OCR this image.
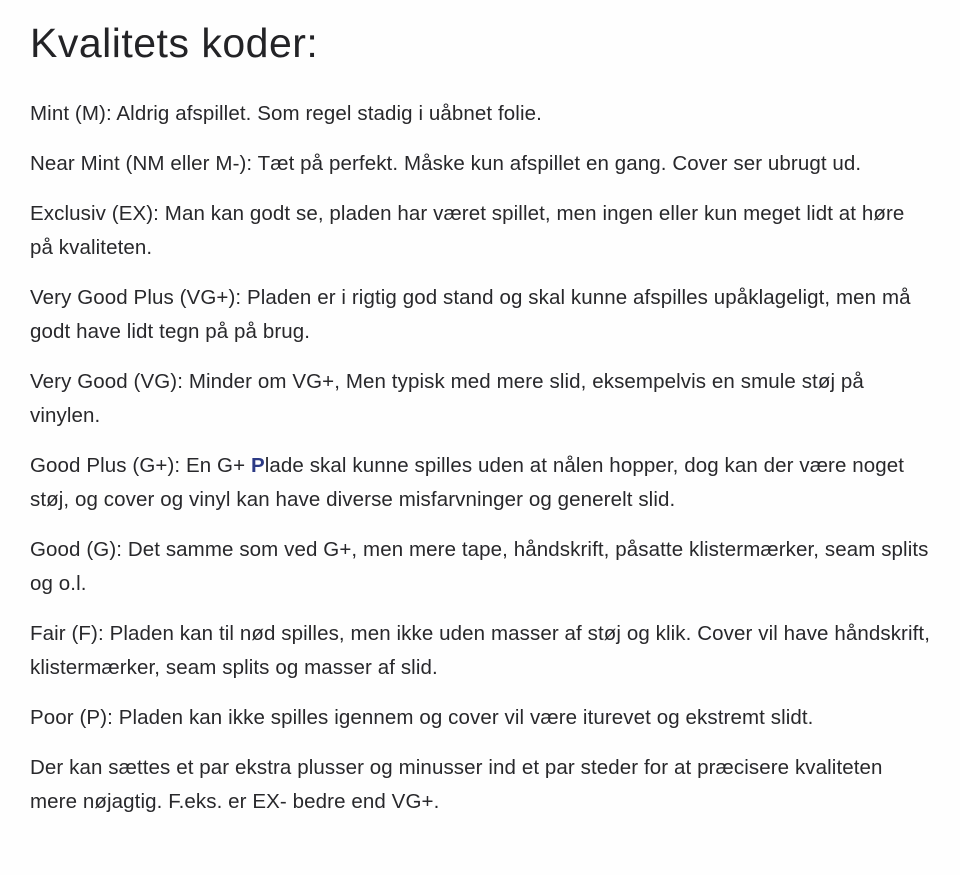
Kvalitets koder:

Mint (M): Aldrig afspillet. Som regel stadig i uåbnet folie.

Near Mint (NM eller M-): Tæt på perfekt. Måske kun afspillet en gang. Cover ser ubrugt ud.

Exclusiv (EX): Man kan godt se, pladen har været spillet, men ingen eller kun meget lidt at høre på kvaliteten.

Very Good Plus (VG+): Pladen er i rigtig god stand og skal kunne afspilles upåklageligt, men må godt have lidt tegn på på brug.

Very Good (VG): Minder om VG+, Men typisk med mere slid, eksempelvis en smule støj på vinylen.

Good Plus (G+): En G+ Plade skal kunne spilles uden at nålen hopper, dog kan der være noget støj, og cover og vinyl kan have diverse misfarvninger og generelt slid.

Good (G): Det samme som ved G+, men mere tape, håndskrift, påsatte klistermærker, seam splits og o.l.

Fair (F): Pladen kan til nød spilles, men ikke uden masser af støj og klik. Cover vil have håndskrift, klistermærker, seam splits og masser af slid.

Poor (P): Pladen kan ikke spilles igennem og cover vil være iturevet og ekstremt slidt.

Der kan sættes et par ekstra plusser og minusser ind et par steder for at præcisere kvaliteten mere nøjagtig. F.eks. er EX- bedre end VG+.
